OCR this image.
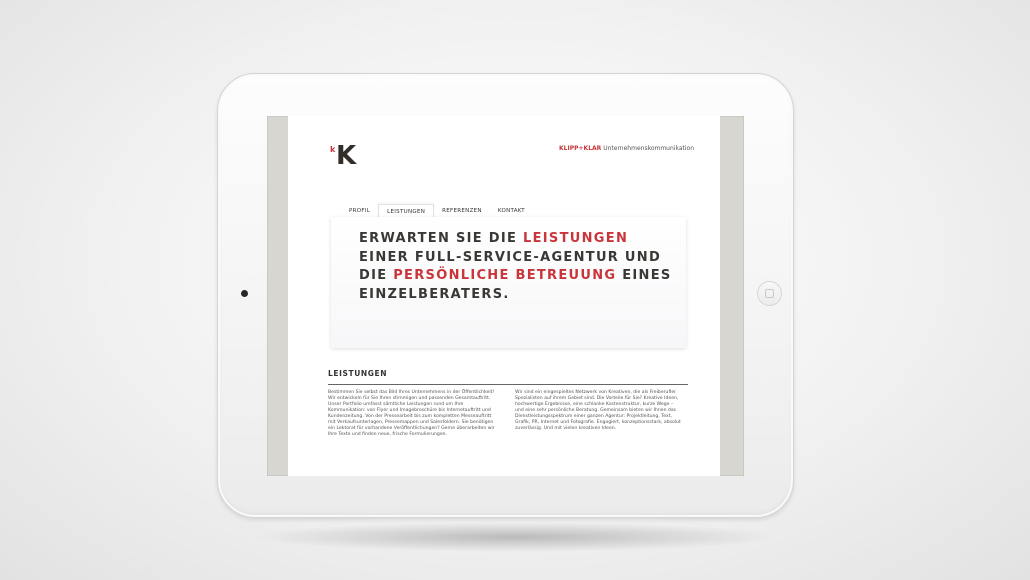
k K	KLIPP+KLAR Unternehmenskommunikation
PROFIL	LEISTUNGEN	REFERENZEN	KONTAKT
ERWARTEN SIE DIE LEISTUNGEN
EINER FULL-SERVICE-AGENTUR UND
DIE PERSÖNLICHE BETREUUNG EINES
EINZELBERATERS.
LEISTUNGEN
Bestimmen Sie selbst das Bild Ihres Unternehmens in der Öffentlichkeit! Wir entwickeln für Sie Ihren stimmigen und passenden Gesamtauftritt. Unser Portfolio umfasst sämtliche Leistungen rund um Ihre Kommunikation: von Flyer und Imagebroschüre bis Internetauftritt und Kundenzeitung. Von der Pressearbeit bis zum kompletten Messeauftritt mit Verkaufsunterlagen, Pressemappen und Salesfoldern. Sie benötigen ein Lektorat für vorhandene Veröffentlichungen? Gerne überarbeiten wir Ihre Texte und finden neue, frische Formulierungen.
Wir sind ein eingespieltes Netzwerk von Kreativen, die als Freiberufler Spezialisten auf ihrem Gebiet sind. Die Vorteile für Sie? Kreative Ideen, hochwertige Ergebnisse, eine schlanke Kostenstruktur, kurze Wege – und eine sehr persönliche Beratung. Gemeinsam bieten wir Ihnen das Dienstleistungsspektrum einer ganzen Agentur: Projektleitung, Text, Grafik, PR, Internet und Fotografie. Engagiert, konzeptionsstark, absolut zuverlässig. Und mit vielen kreativen Ideen.
